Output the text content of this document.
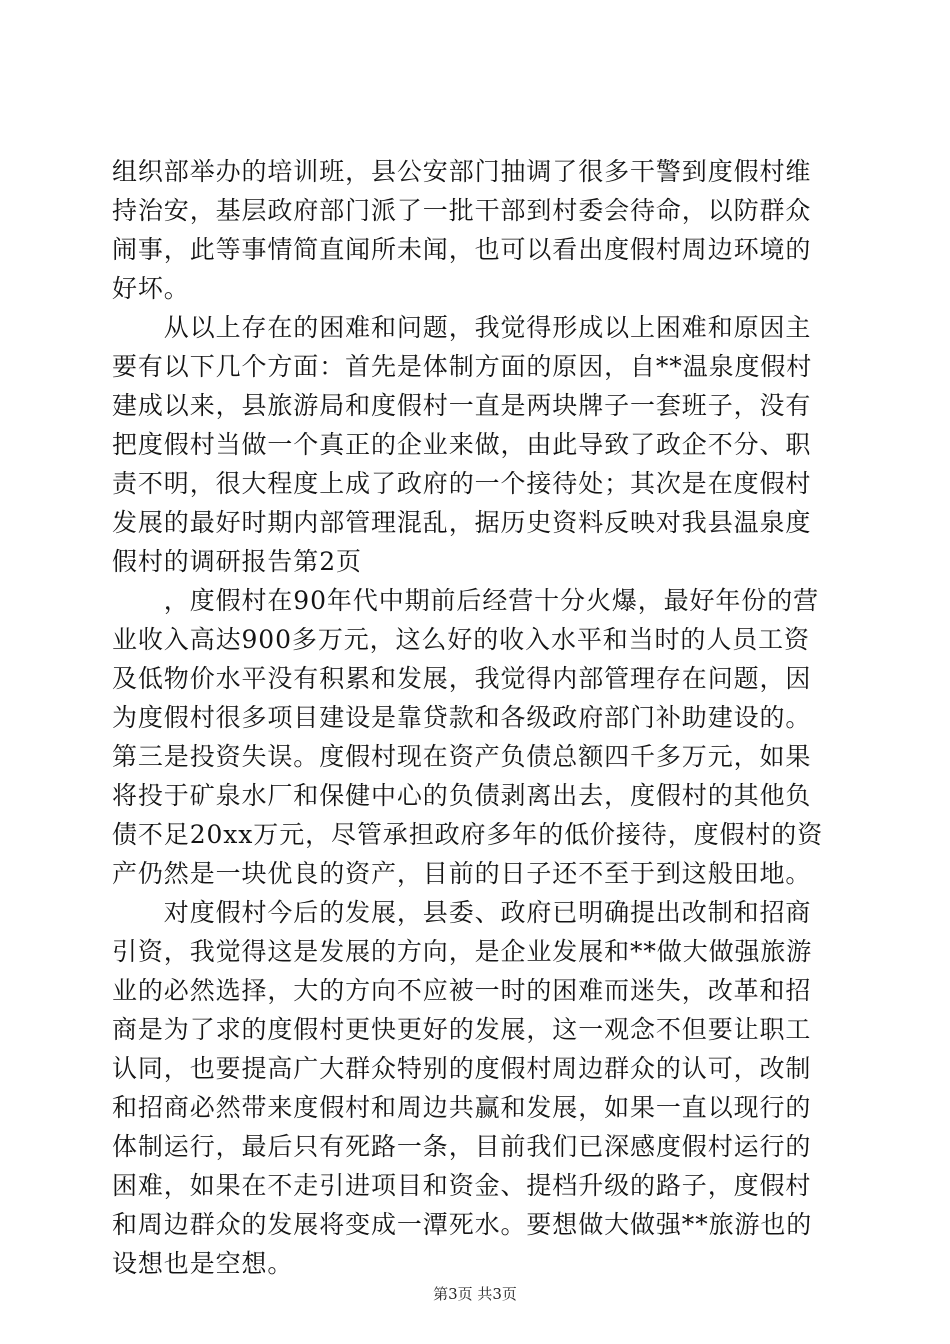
组织部举办的培训班，县公安部门抽调了很多干警到度假村维
持治安，基层政府部门派了一批干部到村委会待命，以防群众
闹事，此等事情简直闻所未闻，也可以看出度假村周边环境的
好坏。
　　从以上存在的困难和问题，我觉得形成以上困难和原因主
要有以下几个方面：首先是体制方面的原因，自**温泉度假村
建成以来，县旅游局和度假村一直是两块牌子一套班子，没有
把度假村当做一个真正的企业来做，由此导致了政企不分、职
责不明，很大程度上成了政府的一个接待处；其次是在度假村
发展的最好时期内部管理混乱，据历史资料反映对我县温泉度
假村的调研报告第2页
　　，度假村在90年代中期前后经营十分火爆，最好年份的营
业收入高达900多万元，这么好的收入水平和当时的人员工资
及低物价水平没有积累和发展，我觉得内部管理存在问题，因
为度假村很多项目建设是靠贷款和各级政府部门补助建设的。
第三是投资失误。度假村现在资产负债总额四千多万元，如果
将投于矿泉水厂和保健中心的负债剥离出去，度假村的其他负
债不足20xx万元，尽管承担政府多年的低价接待，度假村的资
产仍然是一块优良的资产，目前的日子还不至于到这般田地。
　　对度假村今后的发展，县委、政府已明确提出改制和招商
引资，我觉得这是发展的方向，是企业发展和**做大做强旅游
业的必然选择，大的方向不应被一时的困难而迷失，改革和招
商是为了求的度假村更快更好的发展，这一观念不但要让职工
认同，也要提高广大群众特别的度假村周边群众的认可，改制
和招商必然带来度假村和周边共赢和发展，如果一直以现行的
体制运行，最后只有死路一条，目前我们已深感度假村运行的
困难，如果在不走引进项目和资金、提档升级的路子，度假村
和周边群众的发展将变成一潭死水。要想做大做强**旅游也的
设想也是空想。
第3页 共3页
